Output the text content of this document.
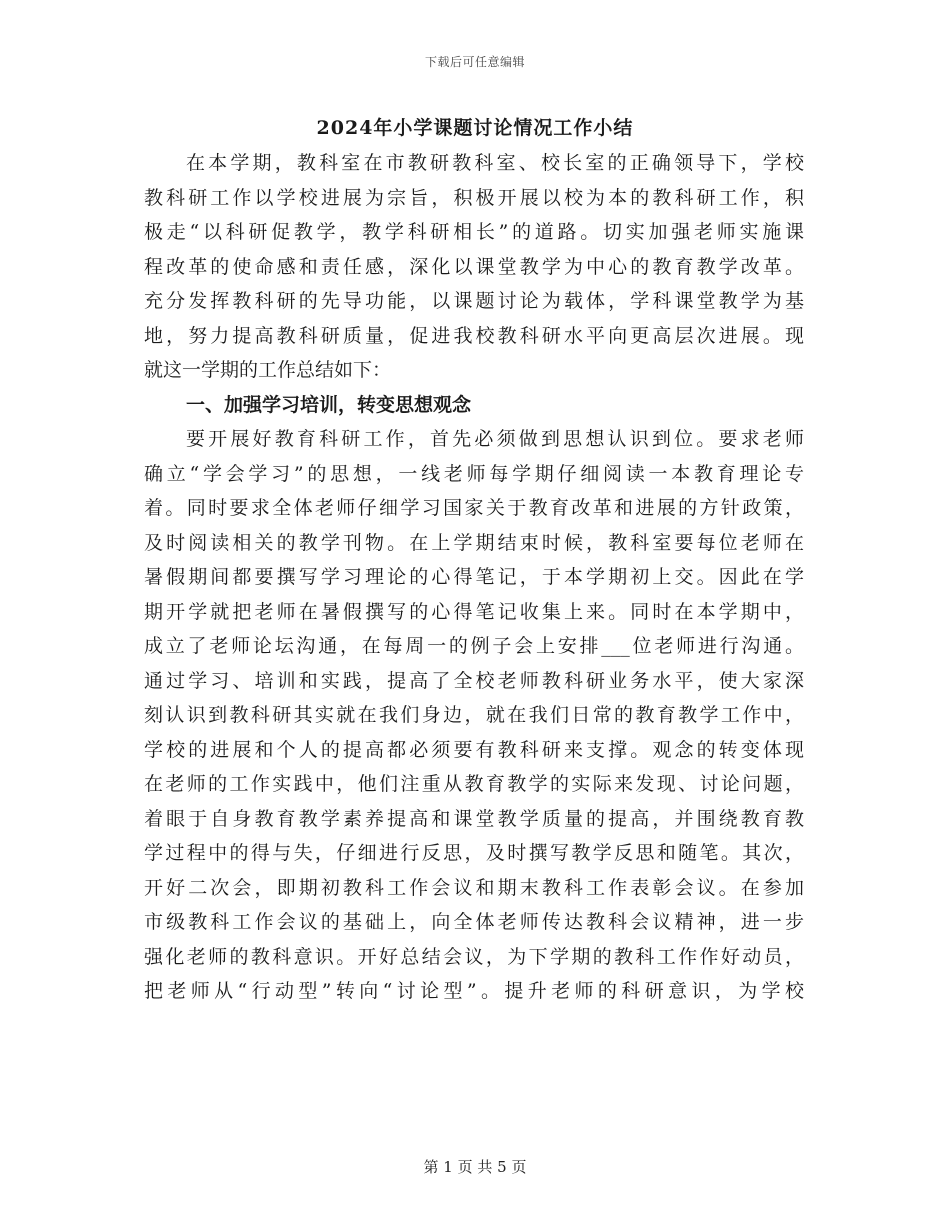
下载后可任意编辑
2024年小学课题讨论情况工作小结
在本学期，教科室在市教研教科室、校长室的正确领导下，学校
教科研工作以学校进展为宗旨，积极开展以校为本的教科研工作，积
极走“以科研促教学，教学科研相长”的道路。切实加强老师实施课
程改革的使命感和责任感，深化以课堂教学为中心的教育教学改革。
充分发挥教科研的先导功能，以课题讨论为载体，学科课堂教学为基
地，努力提高教科研质量，促进我校教科研水平向更高层次进展。现
就这一学期的工作总结如下：
一、加强学习培训，转变思想观念
要开展好教育科研工作，首先必须做到思想认识到位。要求老师
确立“学会学习”的思想，一线老师每学期仔细阅读一本教育理论专
着。同时要求全体老师仔细学习国家关于教育改革和进展的方针政策，
及时阅读相关的教学刊物。在上学期结束时候，教科室要每位老师在
暑假期间都要撰写学习理论的心得笔记，于本学期初上交。因此在学
期开学就把老师在暑假撰写的心得笔记收集上来。同时在本学期中，
成立了老师论坛沟通，在每周一的例子会上安排___位老师进行沟通。
通过学习、培训和实践，提高了全校老师教科研业务水平，使大家深
刻认识到教科研其实就在我们身边，就在我们日常的教育教学工作中，
学校的进展和个人的提高都必须要有教科研来支撑。观念的转变体现
在老师的工作实践中，他们注重从教育教学的实际来发现、讨论问题，
着眼于自身教育教学素养提高和课堂教学质量的提高，并围绕教育教
学过程中的得与失，仔细进行反思，及时撰写教学反思和随笔。其次，
开好二次会，即期初教科工作会议和期末教科工作表彰会议。在参加
市级教科工作会议的基础上，向全体老师传达教科会议精神，进一步
强化老师的教科意识。开好总结会议，为下学期的教科工作作好动员，
把老师从“行动型”转向“讨论型”。提升老师的科研意识，为学校
第 1 页 共 5 页
